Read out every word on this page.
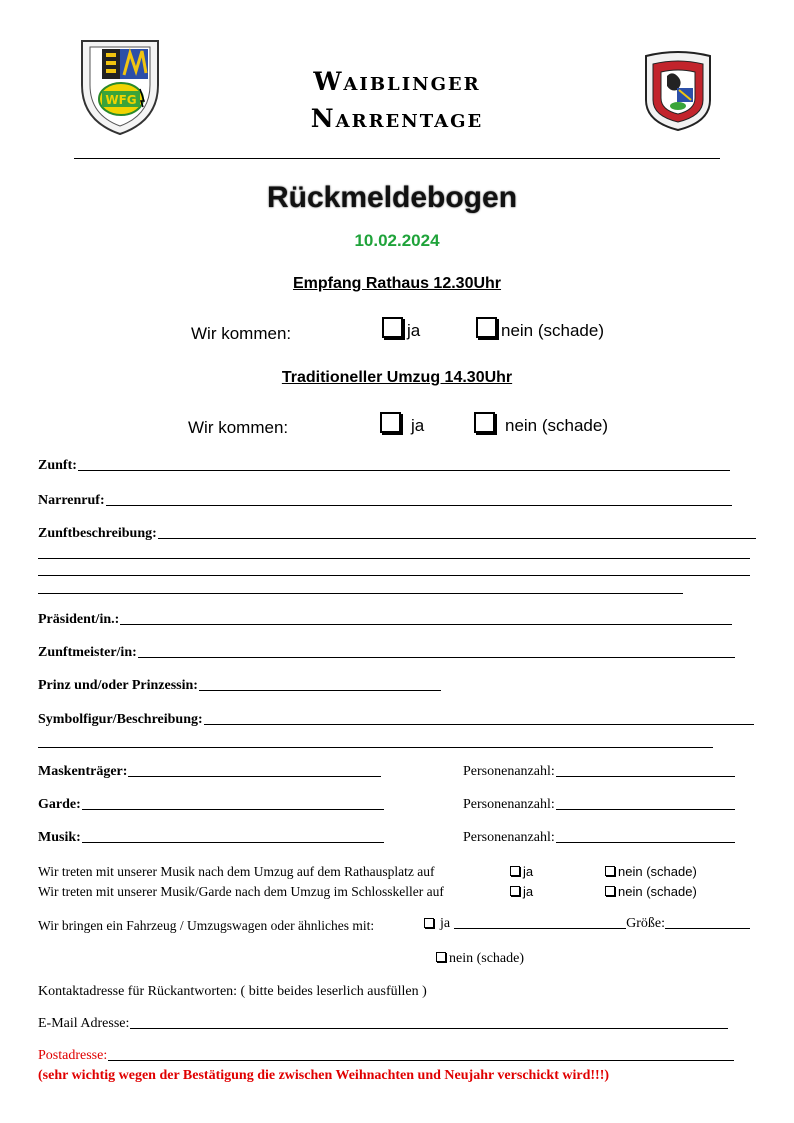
WFG
Waiblinger
Narrentage
Rückmeldebogen
10.02.2024
Empfang Rathaus 12.30Uhr
Wir kommen:	ja	nein (schade)
Traditioneller Umzug 14.30Uhr
Wir kommen:	ja	nein (schade)
Zunft:
Narrenruf:
Zunftbeschreibung:
Präsident/in.:
Zunftmeister/in:
Prinz und/oder Prinzessin:
Symbolfigur/Beschreibung:
Maskenträger:	Personenanzahl:
Garde:	Personenanzahl:
Musik:	Personenanzahl:
Wir treten mit unserer Musik nach dem Umzug auf dem Rathausplatz auf	ja	nein (schade)
Wir treten mit unserer Musik/Garde nach dem Umzug im Schlosskeller auf	ja	nein (schade)
Wir bringen ein Fahrzeug / Umzugswagen oder ähnliches mit:	ja	Größe:
nein (schade)
Kontaktadresse für Rückantworten: ( bitte beides leserlich ausfüllen )
E-Mail Adresse:
Postadresse:
(sehr wichtig wegen der Bestätigung die zwischen Weihnachten und Neujahr verschickt wird!!!)
